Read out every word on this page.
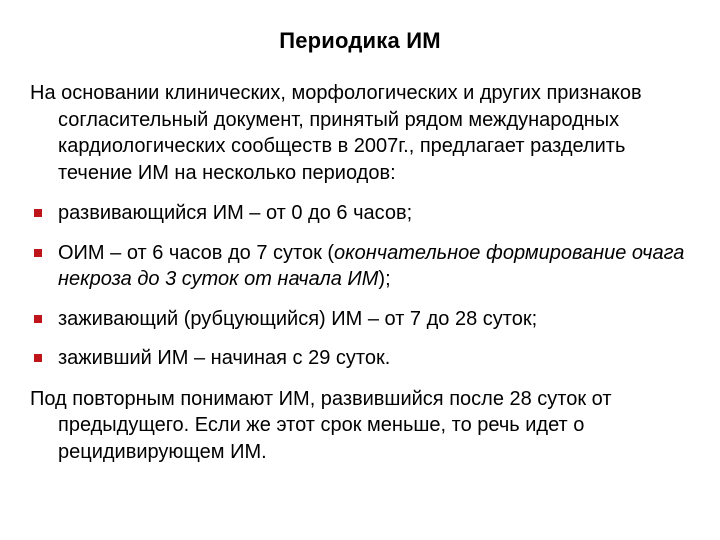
Периодика ИМ

На основании клинических, морфологических и других признаков согласительный документ, принятый рядом международных кардиологических сообществ в 2007г., предлагает разделить течение ИМ на несколько периодов:

развивающийся ИМ – от 0 до 6 часов;
ОИМ – от 6 часов до 7 суток (окончательное формирование очага некроза до 3 суток от начала ИМ);
заживающий (рубцующийся) ИМ – от 7 до 28 суток;
заживший ИМ – начиная с 29 суток.

Под повторным понимают ИМ, развившийся после 28 суток от предыдущего. Если же этот срок меньше, то речь идет о рецидивирующем ИМ.
